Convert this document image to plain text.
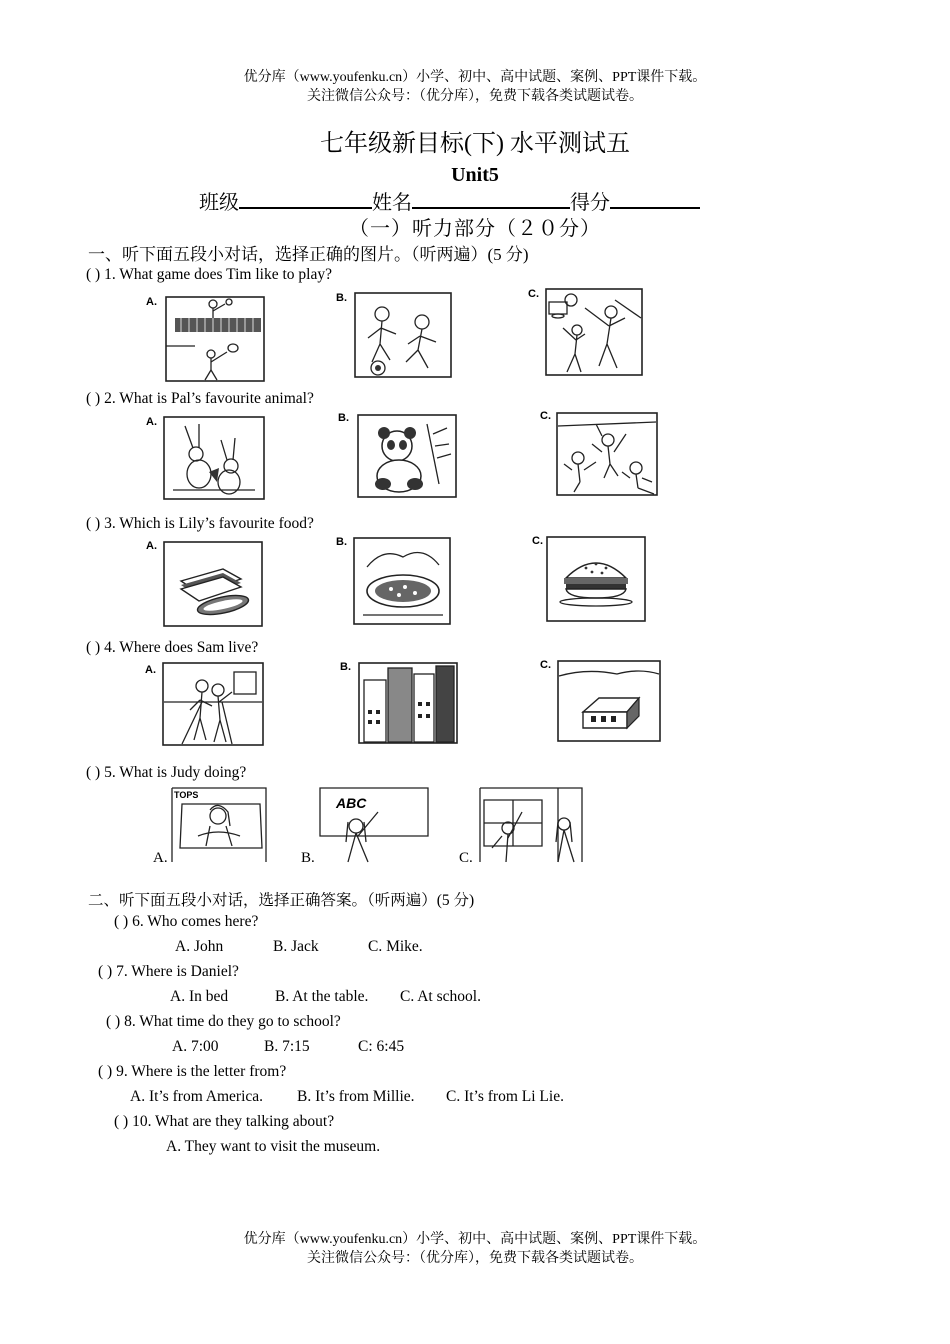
优分库（www.youfenku.cn）小学、初中、高中试题、案例、PPT课件下载。
关注微信公众号：（优分库），免费下载各类试题试卷。
七年级新目标(下) 水平测试五
Unit5
班级	姓名	得分
（一）听力部分（２０分）
一、听下面五段小对话，选择正确的图片。（听两遍）(5 分)
( ) 1. What game does Tim like to play?
A.	B.	C.
( ) 2. What is Pal’s favourite animal?
A.	B.	C.
( ) 3. Which is Lily’s favourite food?
A.	B.	C.
( ) 4. Where does Sam live?
A.	B.	C.
( ) 5. What is Judy doing?
TOPS	ABC
A.	B.	C.
二、听下面五段小对话，选择正确答案。（听两遍）(5 分)
( ) 6. Who comes here?
A. John	B. Jack	C. Mike.
( ) 7. Where is Daniel?
A. In bed	B. At the table. C. At school.
( ) 8. What time do they go to school?
A. 7:00	B. 7:15	C: 6:45
( ) 9. Where is the letter from?
A. It’s from America. B. It’s from Millie. C. It’s from Li Lie.
( ) 10. What are they talking about?
A. They want to visit the museum.
优分库（www.youfenku.cn）小学、初中、高中试题、案例、PPT课件下载。
关注微信公众号：（优分库），免费下载各类试题试卷。
